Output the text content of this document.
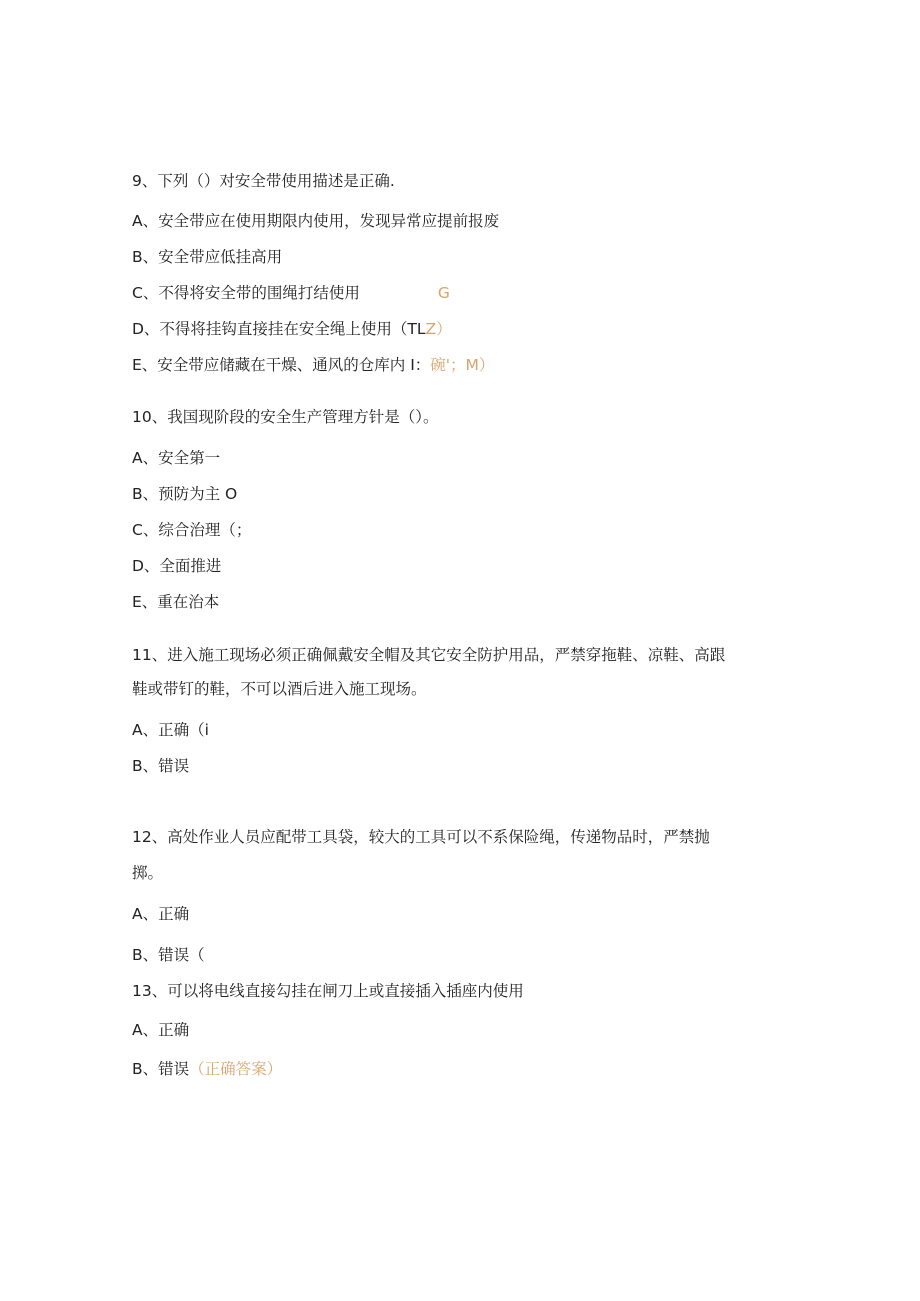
9、下列（）对安全带使用描述是正确.
A、安全带应在使用期限内使用，发现异常应提前报废
B、安全带应低挂高用
C、不得将安全带的围绳打结使用	G
D、不得将挂钩直接挂在安全绳上使用（TLZ）
E、安全带应储藏在干燥、通风的仓库内 I：碗'；M）
10、我国现阶段的安全生产管理方针是（）。
A、安全第一
B、预防为主 O
C、综合治理（；
D、全面推进
E、重在治本
11、进入施工现场必须正确佩戴安全帽及其它安全防护用品，严禁穿拖鞋、凉鞋、高跟
鞋或带钉的鞋，不可以酒后进入施工现场。
A、正确（i
B、错误
12、高处作业人员应配带工具袋，较大的工具可以不系保险绳，传递物品时，严禁抛
掷。
A、正确
B、错误（
13、可以将电线直接勾挂在闸刀上或直接插入插座内使用
A、正确
B、错误（正确答案）
